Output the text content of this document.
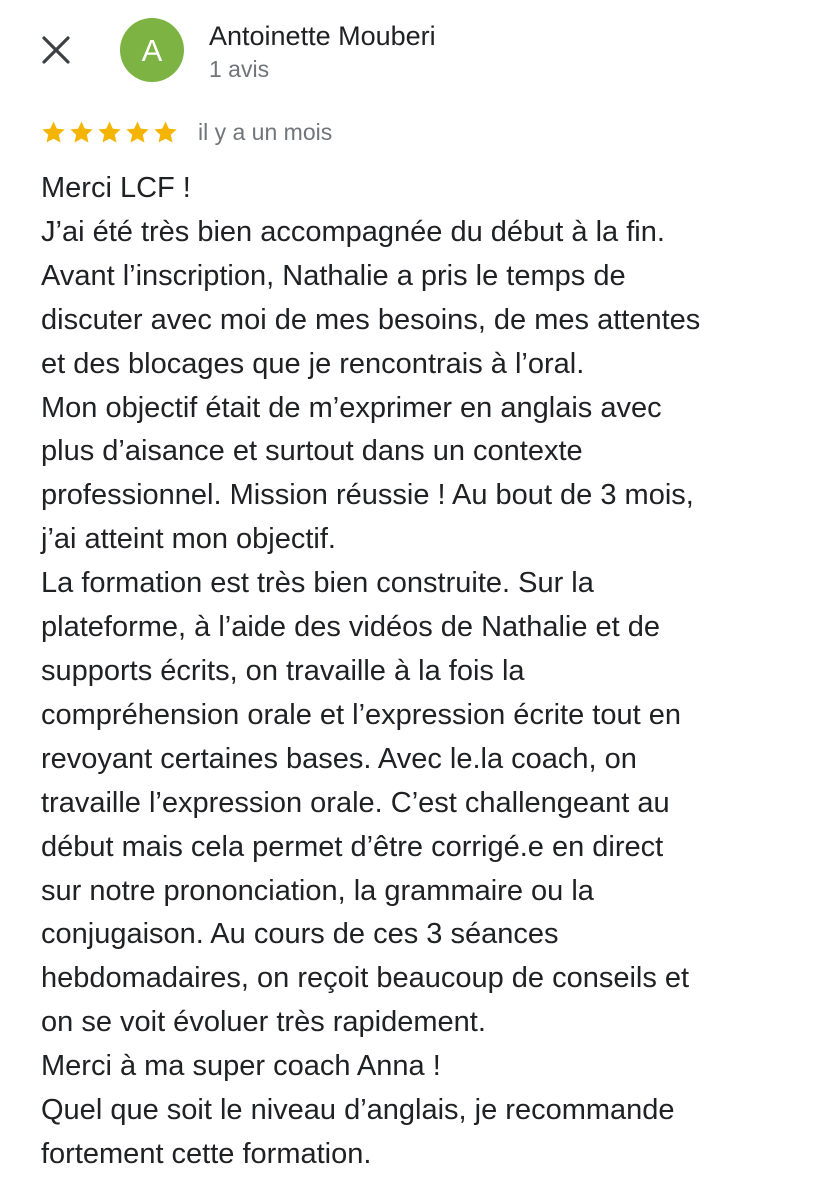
A Antoinette Mouberi
1 avis
il y a un mois
Merci LCF !
J’ai été très bien accompagnée du début à la fin.
Avant l’inscription, Nathalie a pris le temps de
discuter avec moi de mes besoins, de mes attentes
et des blocages que je rencontrais à l’oral.
Mon objectif était de m’exprimer en anglais avec
plus d’aisance et surtout dans un contexte
professionnel. Mission réussie ! Au bout de 3 mois,
j’ai atteint mon objectif.
La formation est très bien construite. Sur la
plateforme, à l’aide des vidéos de Nathalie et de
supports écrits, on travaille à la fois la
compréhension orale et l’expression écrite tout en
revoyant certaines bases. Avec le.la coach, on
travaille l’expression orale. C’est challengeant au
début mais cela permet d’être corrigé.e en direct
sur notre prononciation, la grammaire ou la
conjugaison. Au cours de ces 3 séances
hebdomadaires, on reçoit beaucoup de conseils et
on se voit évoluer très rapidement.
Merci à ma super coach Anna !
Quel que soit le niveau d’anglais, je recommande
fortement cette formation.
